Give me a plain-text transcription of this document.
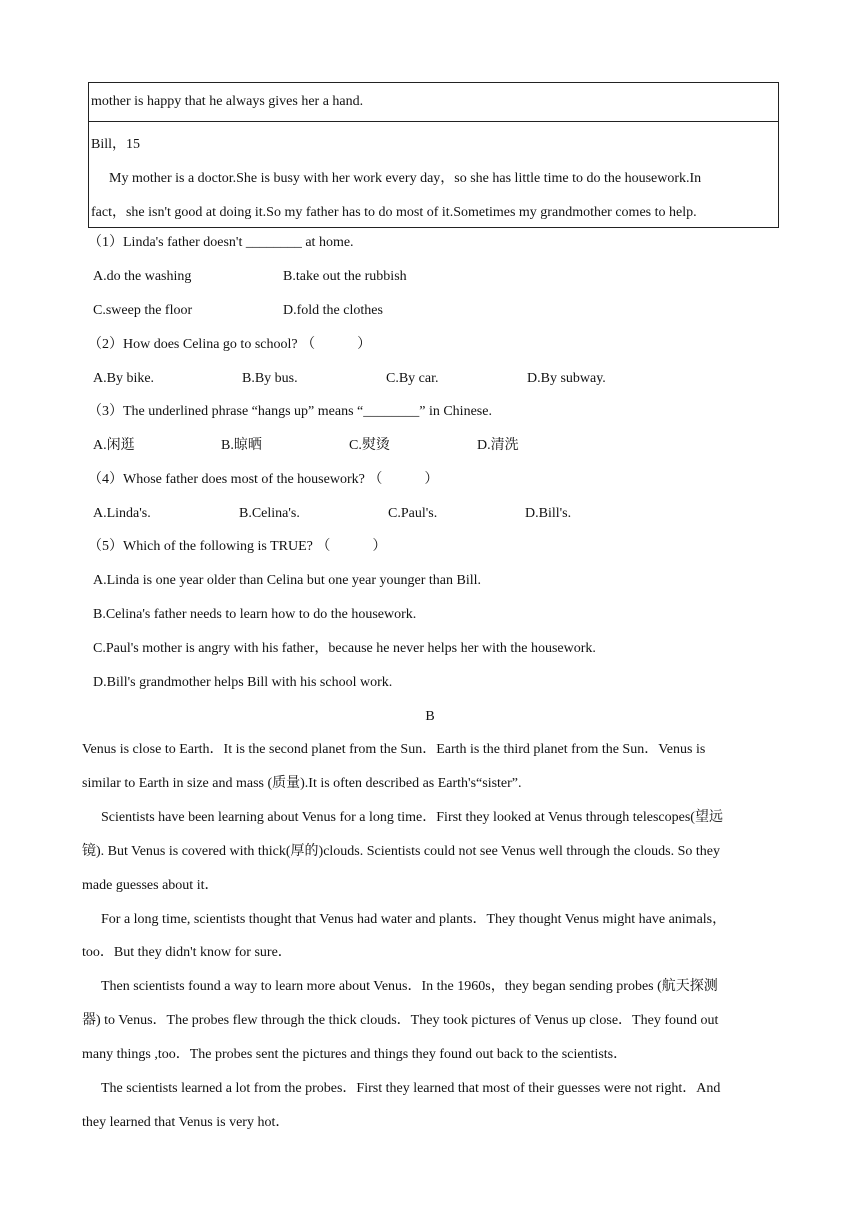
mother is happy that he always gives her a hand.
Bill，15
My mother is a doctor.She is busy with her work every day，so she has little time to do the housework.In
fact，she isn't good at doing it.So my father has to do most of it.Sometimes my grandmother comes to help.
（1）Linda's father doesn't ________ at home.
A.do the washing	B.take out the rubbish
C.sweep the floor	D.fold the clothes
（2）How does Celina go to school? （　　　）
A.By bike.	B.By bus.	C.By car.	D.By subway.
（3）The underlined phrase “hangs up” means “________” in Chinese.
A.闲逛	B.晾晒	C.熨烫	D.清洗
（4）Whose father does most of the housework? （　　　）
A.Linda's.	B.Celina's.	C.Paul's.	D.Bill's.
（5）Which of the following is TRUE? （　　　）
A.Linda is one year older than Celina but one year younger than Bill.
B.Celina's father needs to learn how to do the housework.
C.Paul's mother is angry with his father，because he never helps her with the housework.
D.Bill's grandmother helps Bill with his school work.
B
Venus is close to Earth．It is the second planet from the Sun．Earth is the third planet from the Sun．Venus is
similar to Earth in size and mass (质量).It is often described as Earth's“sister”.
Scientists have been learning about Venus for a long time．First they looked at Venus through telescopes(望远
镜). But Venus is covered with thick(厚的)clouds. Scientists could not see Venus well through the clouds. So they
made guesses about it．
For a long time, scientists thought that Venus had water and plants．They thought Venus might have animals，
too．But they didn't know for sure．
Then scientists found a way to learn more about Venus．In the 1960s，they began sending probes (航天探测
器) to Venus．The probes flew through the thick clouds．They took pictures of Venus up close．They found out
many things ,too．The probes sent the pictures and things they found out back to the scientists．
The scientists learned a lot from the probes．First they learned that most of their guesses were not right．And
they learned that Venus is very hot．
